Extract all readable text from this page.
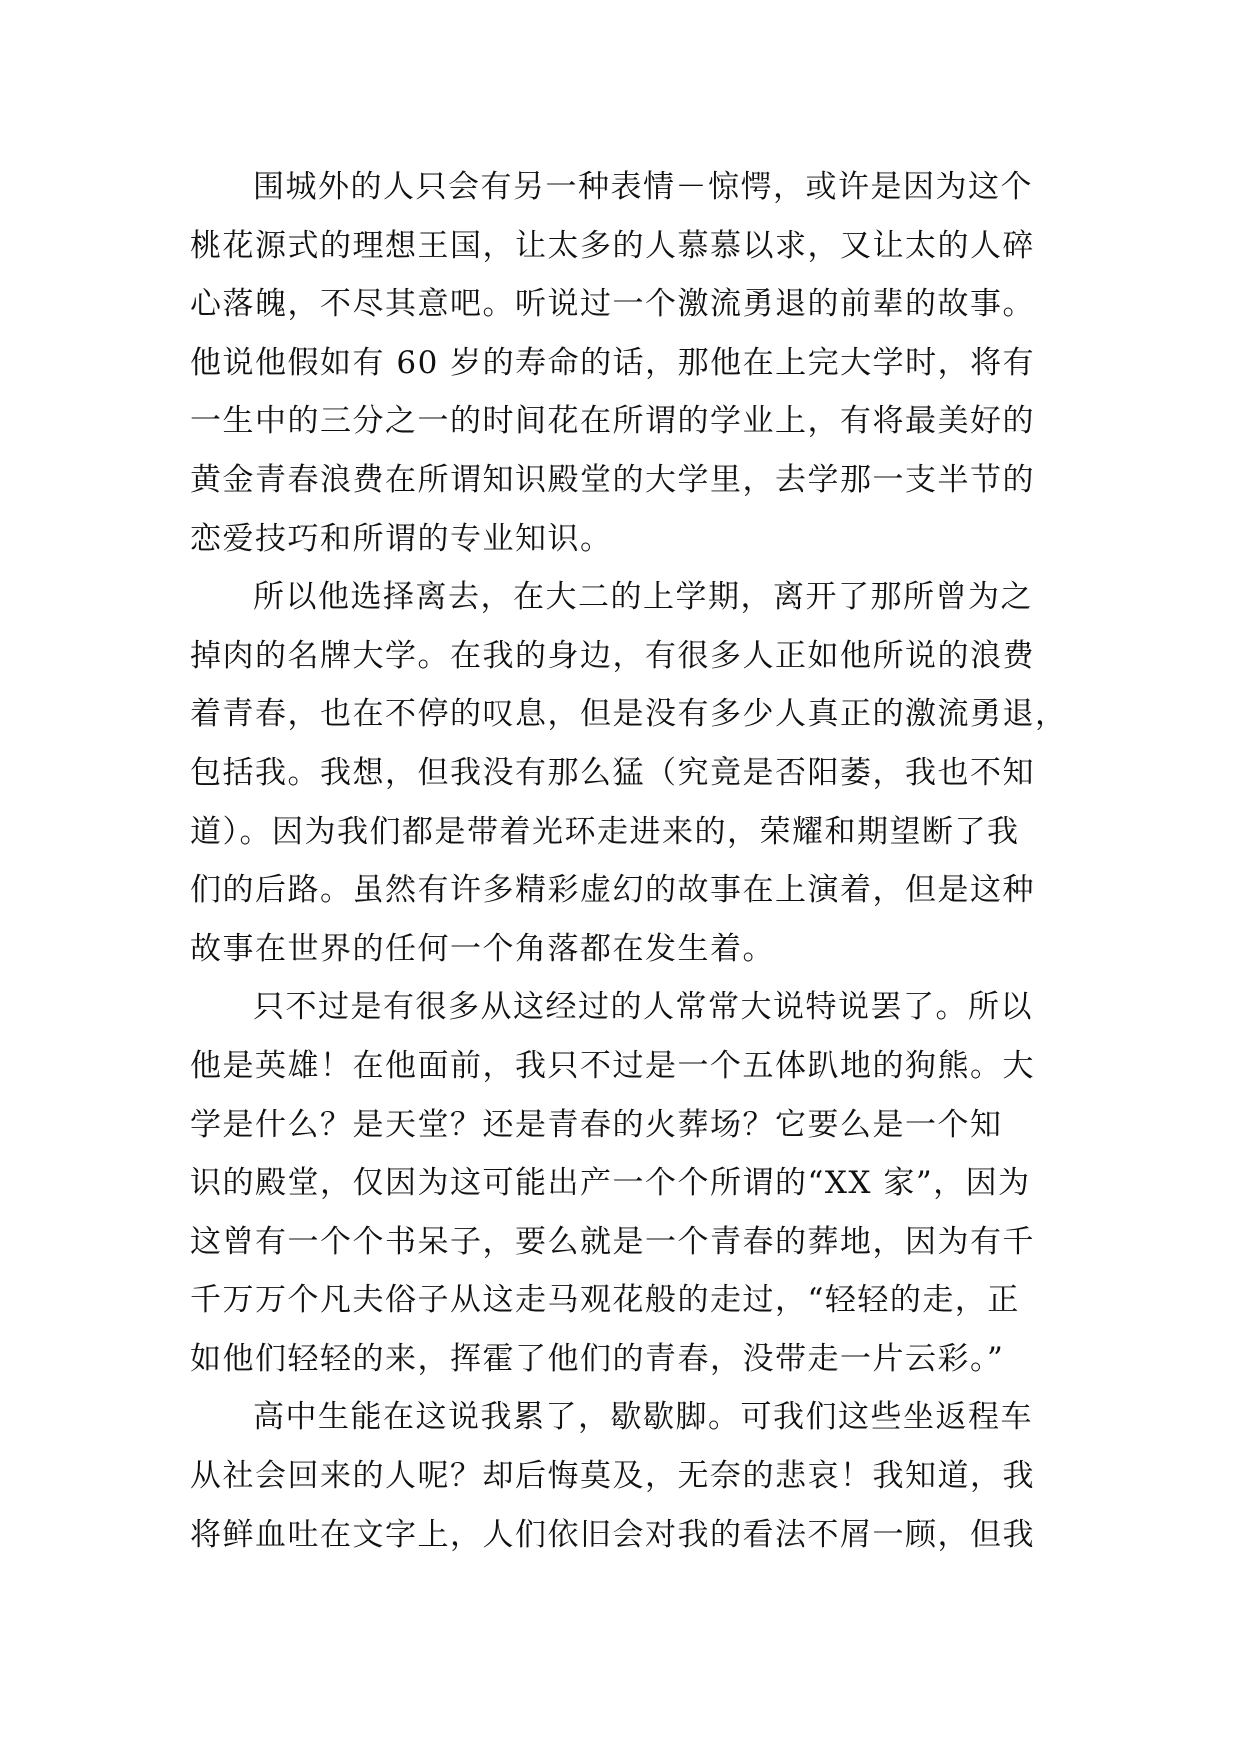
围城外的人只会有另一种表情－惊愕，或许是因为这个
桃花源式的理想王国，让太多的人慕慕以求，又让太的人碎
心落魄，不尽其意吧。听说过一个激流勇退的前辈的故事。
他说他假如有 60 岁的寿命的话，那他在上完大学时，将有
一生中的三分之一的时间花在所谓的学业上，有将最美好的
黄金青春浪费在所谓知识殿堂的大学里，去学那一支半节的
恋爱技巧和所谓的专业知识。
所以他选择离去，在大二的上学期，离开了那所曾为之
掉肉的名牌大学。在我的身边，有很多人正如他所说的浪费
着青春，也在不停的叹息，但是没有多少人真正的激流勇退，
包括我。我想，但我没有那么猛（究竟是否阳萎，我也不知
道）。因为我们都是带着光环走进来的，荣耀和期望断了我
们的后路。虽然有许多精彩虚幻的故事在上演着，但是这种
故事在世界的任何一个角落都在发生着。
只不过是有很多从这经过的人常常大说特说罢了。所以
他是英雄！在他面前，我只不过是一个五体趴地的狗熊。大
学是什么？是天堂？还是青春的火葬场？它要么是一个知
识的殿堂，仅因为这可能出产一个个所谓的“XX 家”，因为
这曾有一个个书呆子，要么就是一个青春的葬地，因为有千
千万万个凡夫俗子从这走马观花般的走过，“轻轻的走，正
如他们轻轻的来，挥霍了他们的青春，没带走一片云彩。”
高中生能在这说我累了，歇歇脚。可我们这些坐返程车
从社会回来的人呢？却后悔莫及，无奈的悲哀！我知道，我
将鲜血吐在文字上，人们依旧会对我的看法不屑一顾，但我
